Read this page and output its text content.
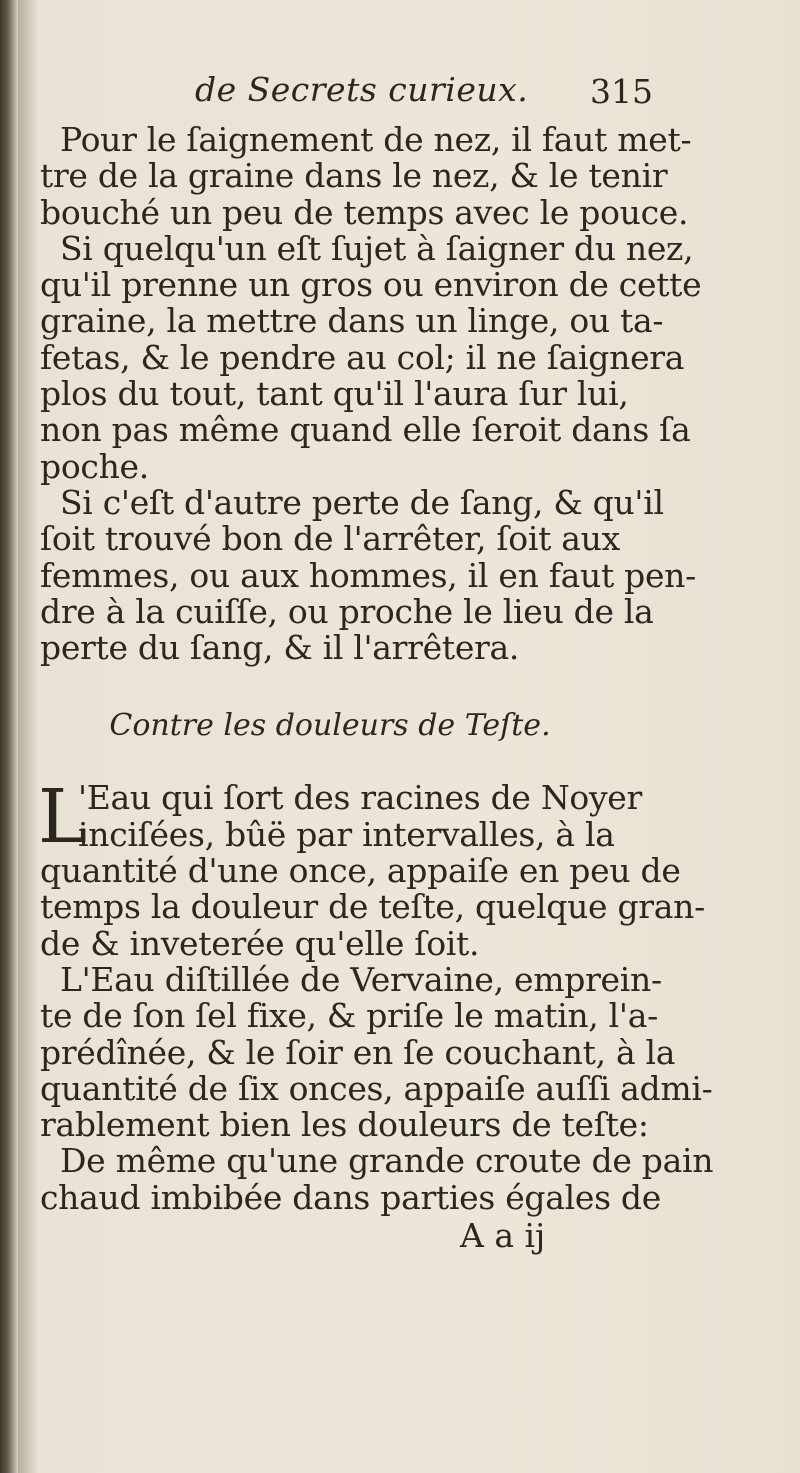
de Secrets curieux. 315
Pour le ſaignement de nez, il faut met-
tre de la graine dans le nez, & le tenir
bouché un peu de temps avec le pouce.
Si quelqu'un eſt ſujet à ſaigner du nez,
qu'il prenne un gros ou environ de cette
graine, la mettre dans un linge, ou ta-
fetas, & le pendre au col; il ne ſaignera
plos du tout, tant qu'il l'aura ſur lui,
non pas même quand elle ſeroit dans ſa
poche.
Si c'eſt d'autre perte de ſang, & qu'il
ſoit trouvé bon de l'arrêter, ſoit aux
femmes, ou aux hommes, il en faut pen-
dre à la cuiſſe, ou proche le lieu de la
perte du ſang, & il l'arrêtera.
Contre les douleurs de Teſte.
L
'Eau qui ſort des racines de Noyer
inciſées, bûë par intervalles, à la
quantité d'une once, appaiſe en peu de
temps la douleur de teſte, quelque gran-
de & inveterée qu'elle ſoit.
L'Eau diſtillée de Vervaine, emprein-
te de ſon ſel fixe, & priſe le matin, l'a-
prédînée, & le ſoir en ſe couchant, à la
quantité de ſix onces, appaiſe auſſi admi-
rablement bien les douleurs de teſte:
De même qu'une grande croute de pain
chaud imbibée dans parties égales de
A a ij
